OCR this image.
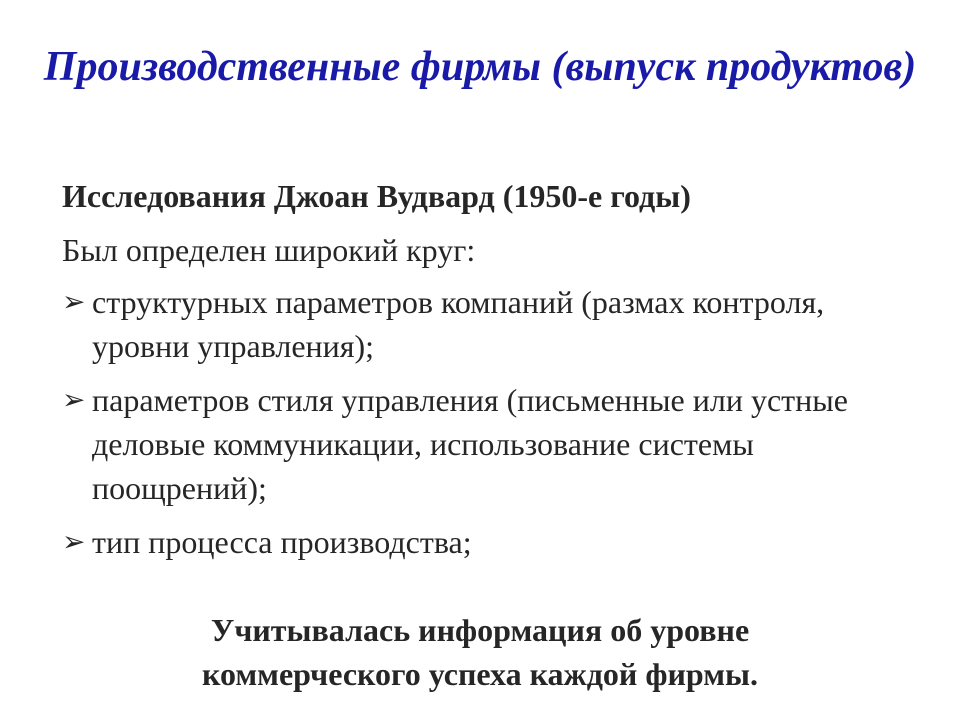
Производственные фирмы (выпуск продуктов)

Исследования Джоан Вудвард (1950-е годы)

Был определен широкий круг:

➢ структурных параметров компаний (размах контроля, уровни управления);
➢ параметров стиля управления (письменные или устные деловые коммуникации, использование системы поощрений);
➢ тип процесса производства;

Учитывалась информация об уровне коммерческого успеха каждой фирмы.
